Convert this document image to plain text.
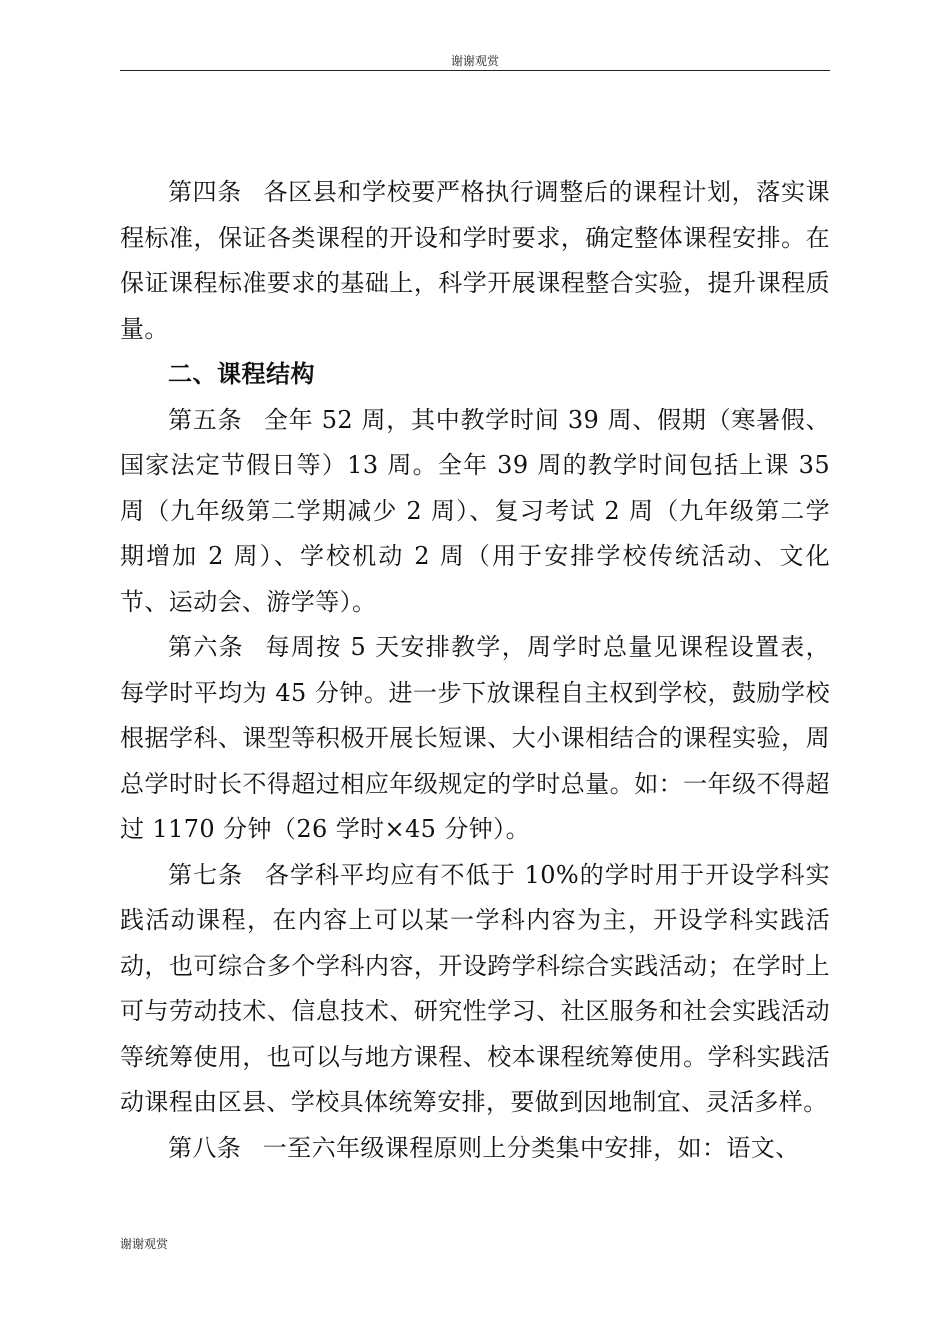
谢谢观赏

第四条 各区县和学校要严格执行调整后的课程计划，落实课程标准，保证各类课程的开设和学时要求，确定整体课程安排。在保证课程标准要求的基础上，科学开展课程整合实验，提升课程质量。

二、课程结构

第五条 全年 52 周，其中教学时间 39 周、假期（寒暑假、国家法定节假日等）13 周。全年 39 周的教学时间包括上课 35 周（九年级第二学期减少 2 周）、复习考试 2 周（九年级第二学期增加 2 周）、学校机动 2 周（用于安排学校传统活动、文化节、运动会、游学等）。

第六条 每周按 5 天安排教学，周学时总量见课程设置表，每学时平均为 45 分钟。进一步下放课程自主权到学校，鼓励学校根据学科、课型等积极开展长短课、大小课相结合的课程实验，周总学时时长不得超过相应年级规定的学时总量。如：一年级不得超过 1170 分钟（26 学时×45 分钟）。

第七条 各学科平均应有不低于 10%的学时用于开设学科实践活动课程，在内容上可以某一学科内容为主，开设学科实践活动，也可综合多个学科内容，开设跨学科综合实践活动；在学时上可与劳动技术、信息技术、研究性学习、社区服务和社会实践活动等统筹使用，也可以与地方课程、校本课程统筹使用。学科实践活动课程由区县、学校具体统筹安排，要做到因地制宜、灵活多样。

第八条 一至六年级课程原则上分类集中安排，如：语文、

谢谢观赏
